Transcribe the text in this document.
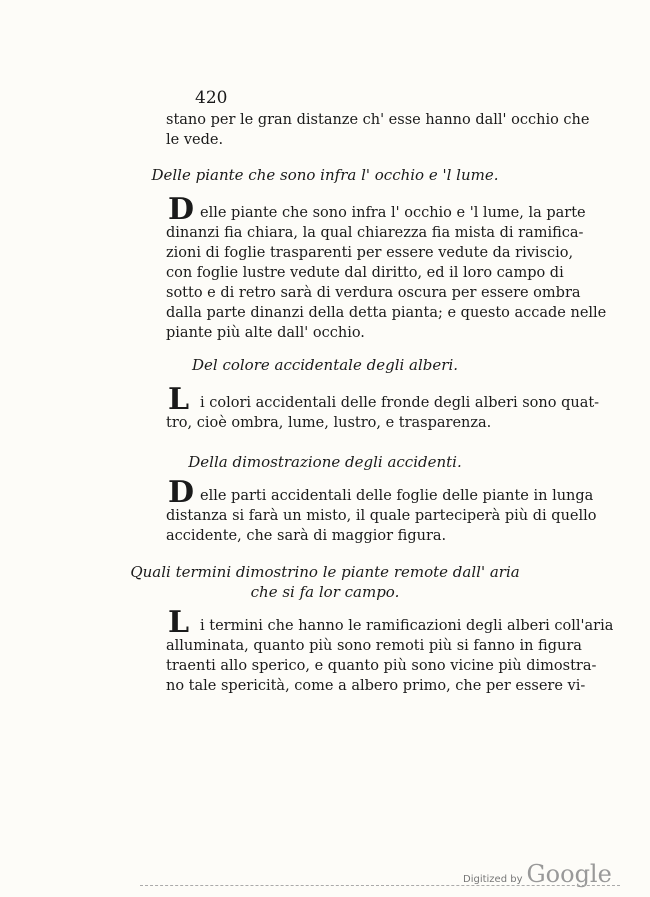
420
stano per le gran distanze ch' esse hanno dall' occhio che
le vede.
Delle piante che sono infra l' occhio e 'l lume.
D elle piante che sono infra l' occhio e 'l lume, la parte
dinanzi fia chiara, la qual chiarezza fia mista di ramifica-
zioni di foglie trasparenti per essere vedute da riviscio,
con foglie lustre vedute dal diritto, ed il loro campo di
sotto e di retro sarà di verdura oscura per essere ombra
dalla parte dinanzi della detta pianta; e questo accade nelle
piante più alte dall' occhio.
Del colore accidentale degli alberi.
L i colori accidentali delle fronde degli alberi sono quat-
tro, cioè ombra, lume, lustro, e trasparenza.
Della dimostrazione degli accidenti.
D elle parti accidentali delle foglie delle piante in lunga
distanza si farà un misto, il quale parteciperà più di quello
accidente, che sarà di maggior figura.
Quali termini dimostrino le piante remote dall' aria
che si fa lor campo.
L i termini che hanno le ramificazioni degli alberi coll'aria
alluminata, quanto più sono remoti più si fanno in figura
traenti allo sperico, e quanto più sono vicine più dimostra-
no tale spericità, come a albero primo, che per essere vi-
Digitized by Google
